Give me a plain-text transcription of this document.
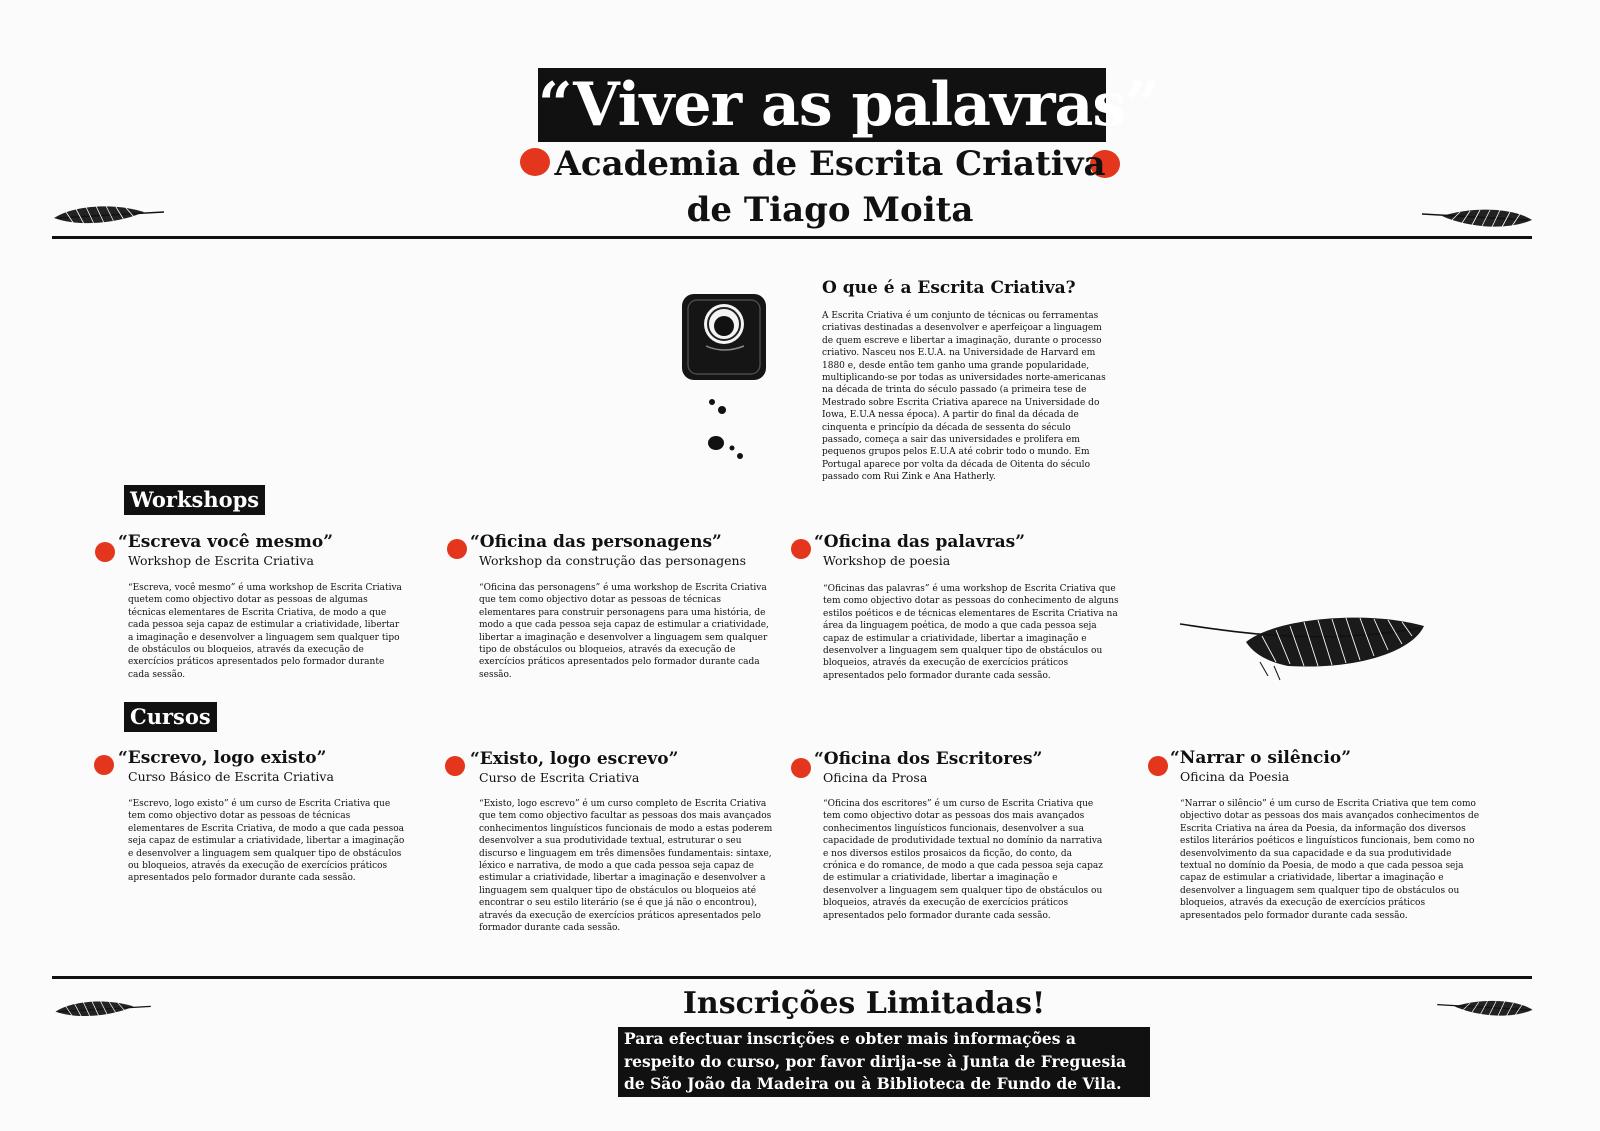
“Viver as palavras”
Academia de Escrita Criativa
de Tiago Moita
O que é a Escrita Criativa?
A Escrita Criativa é um conjunto de técnicas ou ferramentas criativas destinadas a desenvolver e aperfeiçoar a linguagem de quem escreve e libertar a imaginação, durante o processo criativo. Nasceu nos E.U.A. na Universidade de Harvard em 1880 e, desde então tem ganho uma grande popularidade, multiplicando-se por todas as universidades norte-americanas na década de trinta do século passado (a primeira tese de Mestrado sobre Escrita Criativa aparece na Universidade do Iowa, E.U.A nessa época). A partir do final da década de cinquenta e princípio da década de sessenta do século passado, começa a sair das universidades e prolifera em pequenos grupos pelos E.U.A até cobrir todo o mundo. Em Portugal aparece por volta da década de Oitenta do século passado com Rui Zink e Ana Hatherly.
Workshops
“Escreva você mesmo”
Workshop de Escrita Criativa
“Escreva, você mesmo” é uma workshop de Escrita Criativa quetem como objectivo dotar as pessoas de algumas técnicas elementares de Escrita Criativa, de modo a que cada pessoa seja capaz de estimular a criatividade, libertar a imaginação e desenvolver a linguagem sem qualquer tipo de obstáculos ou bloqueios, através da execução de exercícios práticos apresentados pelo formador durante cada sessão.
“Oficina das personagens”
Workshop da construção das personagens
“Oficina das personagens” é uma workshop de Escrita Criativa que tem como objectivo dotar as pessoas de técnicas elementares para construir personagens para uma história, de modo a que cada pessoa seja capaz de estimular a criatividade, libertar a imaginação e desenvolver a linguagem sem qualquer tipo de obstáculos ou bloqueios, através da execução de exercícios práticos apresentados pelo formador durante cada sessão.
“Oficina das palavras”
Workshop de poesia
“Oficinas das palavras” é uma workshop de Escrita Criativa que tem como objectivo dotar as pessoas do conhecimento de alguns estilos poéticos e de técnicas elementares de Escrita Criativa na área da linguagem poética, de modo a que cada pessoa seja capaz de estimular a criatividade, libertar a imaginação e desenvolver a linguagem sem qualquer tipo de obstáculos ou bloqueios, através da execução de exercícios práticos apresentados pelo formador durante cada sessão.
Cursos
“Escrevo, logo existo”
Curso Básico de Escrita Criativa
“Escrevo, logo existo” é um curso de Escrita Criativa que tem como objectivo dotar as pessoas de técnicas elementares de Escrita Criativa, de modo a que cada pessoa seja capaz de estimular a criatividade, libertar a imaginação e desenvolver a linguagem sem qualquer tipo de obstáculos ou bloqueios, através da execução de exercícios práticos apresentados pelo formador durante cada sessão.
“Existo, logo escrevo”
Curso de Escrita Criativa
“Existo, logo escrevo” é um curso completo de Escrita Criativa que tem como objectivo facultar as pessoas dos mais avançados conhecimentos linguísticos funcionais de modo a estas poderem desenvolver a sua produtividade textual, estruturar o seu discurso e linguagem em três dimensões fundamentais: sintaxe, léxico e narrativa, de modo a que cada pessoa seja capaz de estimular a criatividade, libertar a imaginação e desenvolver a linguagem sem qualquer tipo de obstáculos ou bloqueios até encontrar o seu estilo literário (se é que já não o encontrou), através da execução de exercícios práticos apresentados pelo formador durante cada sessão.
“Oficina dos Escritores”
Oficina da Prosa
“Oficina dos escritores” é um curso de Escrita Criativa que tem como objectivo dotar as pessoas dos mais avançados conhecimentos linguísticos funcionais, desenvolver a sua capacidade de produtividade textual no domínio da narrativa e nos diversos estilos prosaicos da ficção, do conto, da crónica e do romance, de modo a que cada pessoa seja capaz de estimular a criatividade, libertar a imaginação e desenvolver a linguagem sem qualquer tipo de obstáculos ou bloqueios, através da execução de exercícios práticos apresentados pelo formador durante cada sessão.
“Narrar o silêncio”
Oficina da Poesia
“Narrar o silêncio” é um curso de Escrita Criativa que tem como objectivo dotar as pessoas dos mais avançados conhecimentos de Escrita Criativa na área da Poesia, da informação dos diversos estilos literários poéticos e linguísticos funcionais, bem como no desenvolvimento da sua capacidade e da sua produtividade textual no domínio da Poesia, de modo a que cada pessoa seja capaz de estimular a criatividade, libertar a imaginação e desenvolver a linguagem sem qualquer tipo de obstáculos ou bloqueios, através da execução de exercícios práticos apresentados pelo formador durante cada sessão.
Inscrições Limitadas!
Para efectuar inscrições e obter mais informações a respeito do curso, por favor dirija-se à Junta de Freguesia de São João da Madeira ou à Biblioteca de Fundo de Vila.
